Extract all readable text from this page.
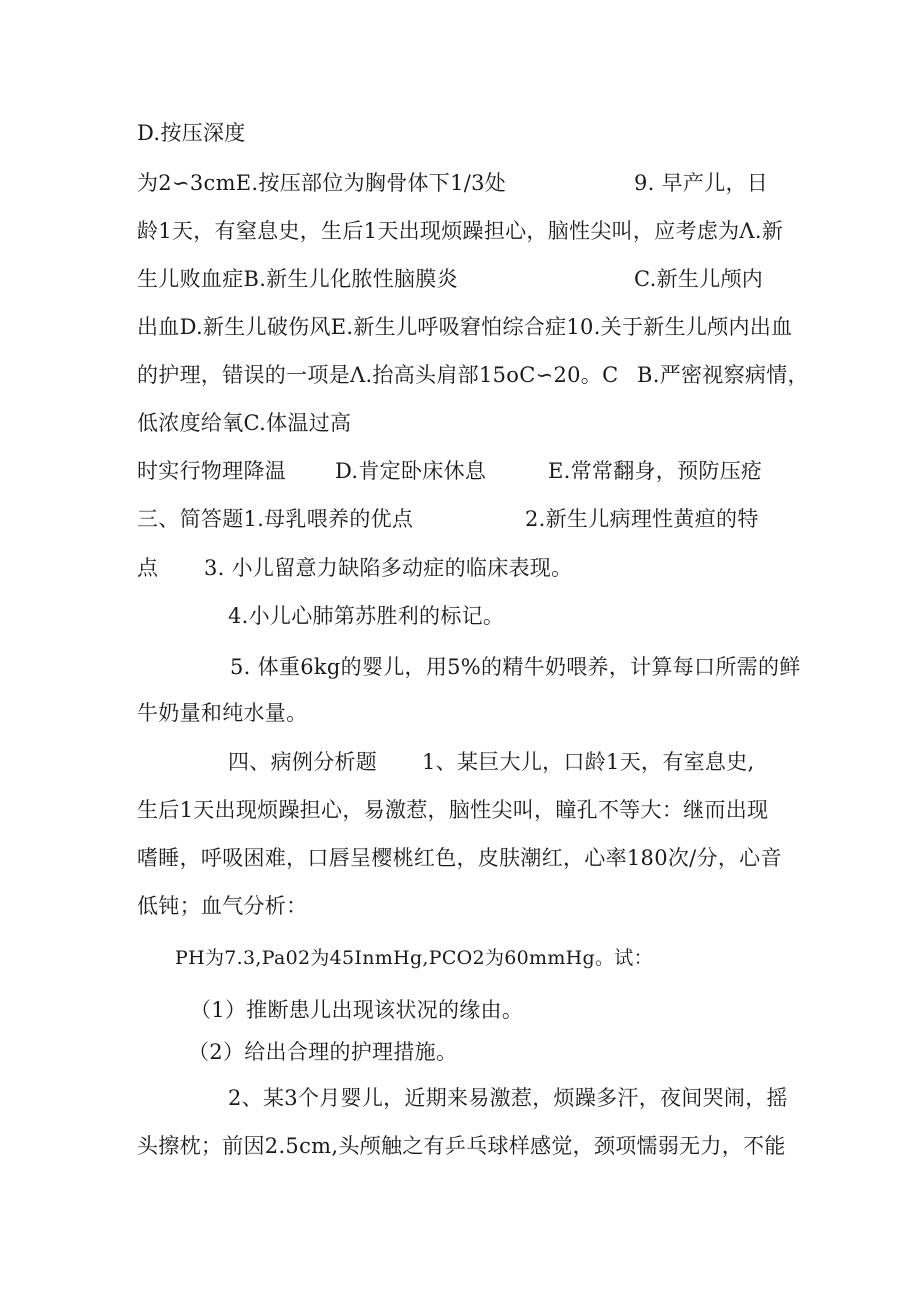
D.按压深度
为2∽3cmE.按压部位为胸骨体下1/3处	9. 早产儿，日
龄1天，有窒息史，生后1天出现烦躁担心，脑性尖叫，应考虑为Λ.新
生儿败血症B.新生儿化脓性脑膜炎	C.新生儿颅内
出血D.新生儿破伤风E.新生儿呼吸窘怕综合症10.关于新生儿颅内出血
的护理，错误的一项是Λ.抬高头肩部15oC∽20。C B.严密视察病情，
低浓度给氧C.体温过高
时实行物理降温 D.肯定卧床休息	E.常常翻身，预防压疮
三、简答题1.母乳喂养的优点	2.新生儿病理性黄疸的特
点 3. 小儿留意力缺陷多动症的临床表现。
4.小儿心肺第苏胜利的标记。
5. 体重6kg的婴儿，用5%的精牛奶喂养，计算每口所需的鲜
牛奶量和纯水量。
四、病例分析题 1、某巨大儿，口龄1天，有室息史,
生后1天出现烦躁担心，易激惹，脑性尖叫，瞳孔不等大：继而出现
嗜睡，呼吸困难，口唇呈樱桃红色，皮肤潮红，心率180次/分，心音
低钝；血气分析：
PH为7.3,Pa02为45InmHg,PCO2为60mmHg。试：
（1）推断患儿出现该状况的缘由。
（2）给出合理的护理措施。
2、某3个月婴儿，近期来易激惹，烦躁多汗，夜间哭闹，摇
头擦枕；前因2.5cm,头颅触之有乒乓球样感觉，颈项懦弱无力，不能
